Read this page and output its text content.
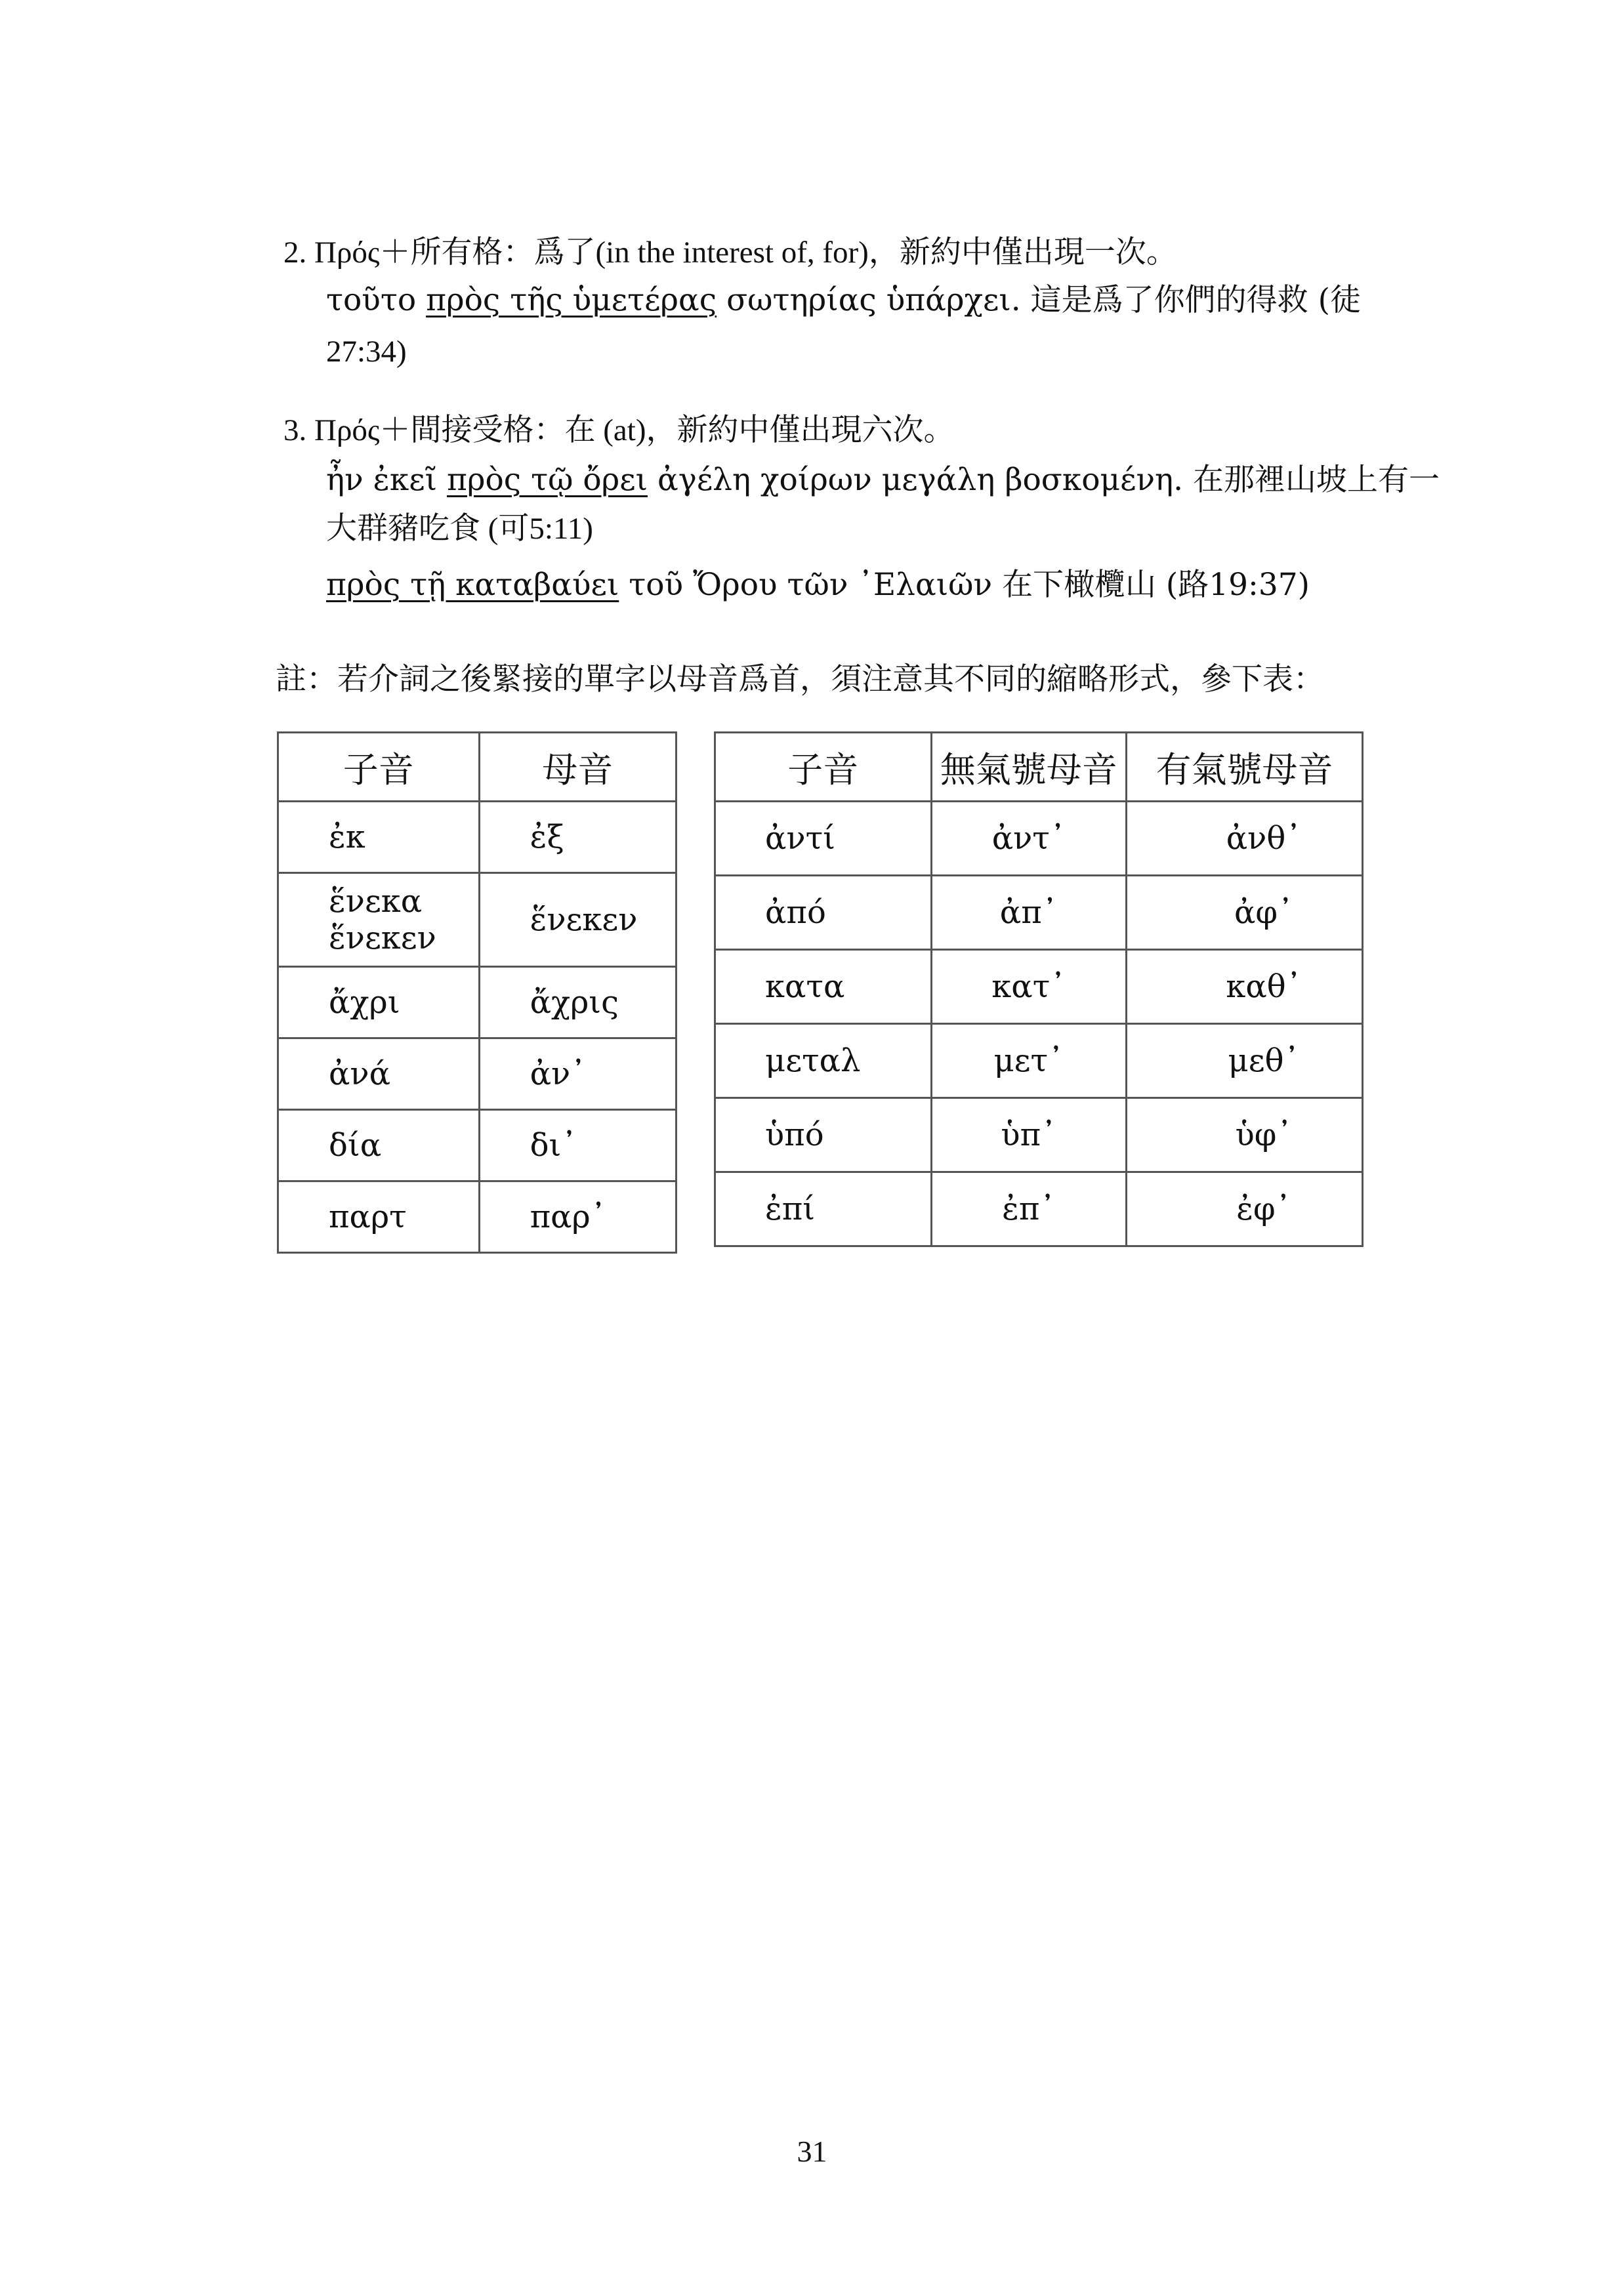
2. Πρός＋所有格：爲了(in the interest of, for)，新約中僅出現一次。
τοῦτο πρὸς τῆς ὑμετέρας σωτηρίας ὑπάρχει. 這是爲了你們的得救 (徒
27:34)
3. Πρός＋間接受格：在 (at)，新約中僅出現六次。
ἦν ἐκεῖ πρὸς τῷ ὄρει ἀγέλη χοίρων μεγάλη βοσκομένη. 在那裡山坡上有一
大群豬吃食 (可5:11)
πρὸς τῇ καταβαύει τοῦ Ὄρου τῶν ᾿Ελαιῶν 在下橄欖山 (路19:37)
註：若介詞之後緊接的單字以母音爲首，須注意其不同的縮略形式，參下表：
子音	母音
ἐκ	ἐξ
ἕνεκα ἕνεκεν	ἕνεκεν
ἄχρι	ἄχρις
ἀνά	ἀν᾿
δία	δι᾿
παρτ	παρ᾿
子音	無氣號母音	有氣號母音
ἀντί	ἀντ᾿	ἀνθ᾿
ἀπό	ἀπ᾿	ἀφ᾿
κατα	κατ᾿	καθ᾿
μεταλ	μετ᾿	μεθ᾿
ὑπό	ὑπ᾿	ὑφ᾿
ἐπί	ἐπ᾿	ἐφ᾿
31
